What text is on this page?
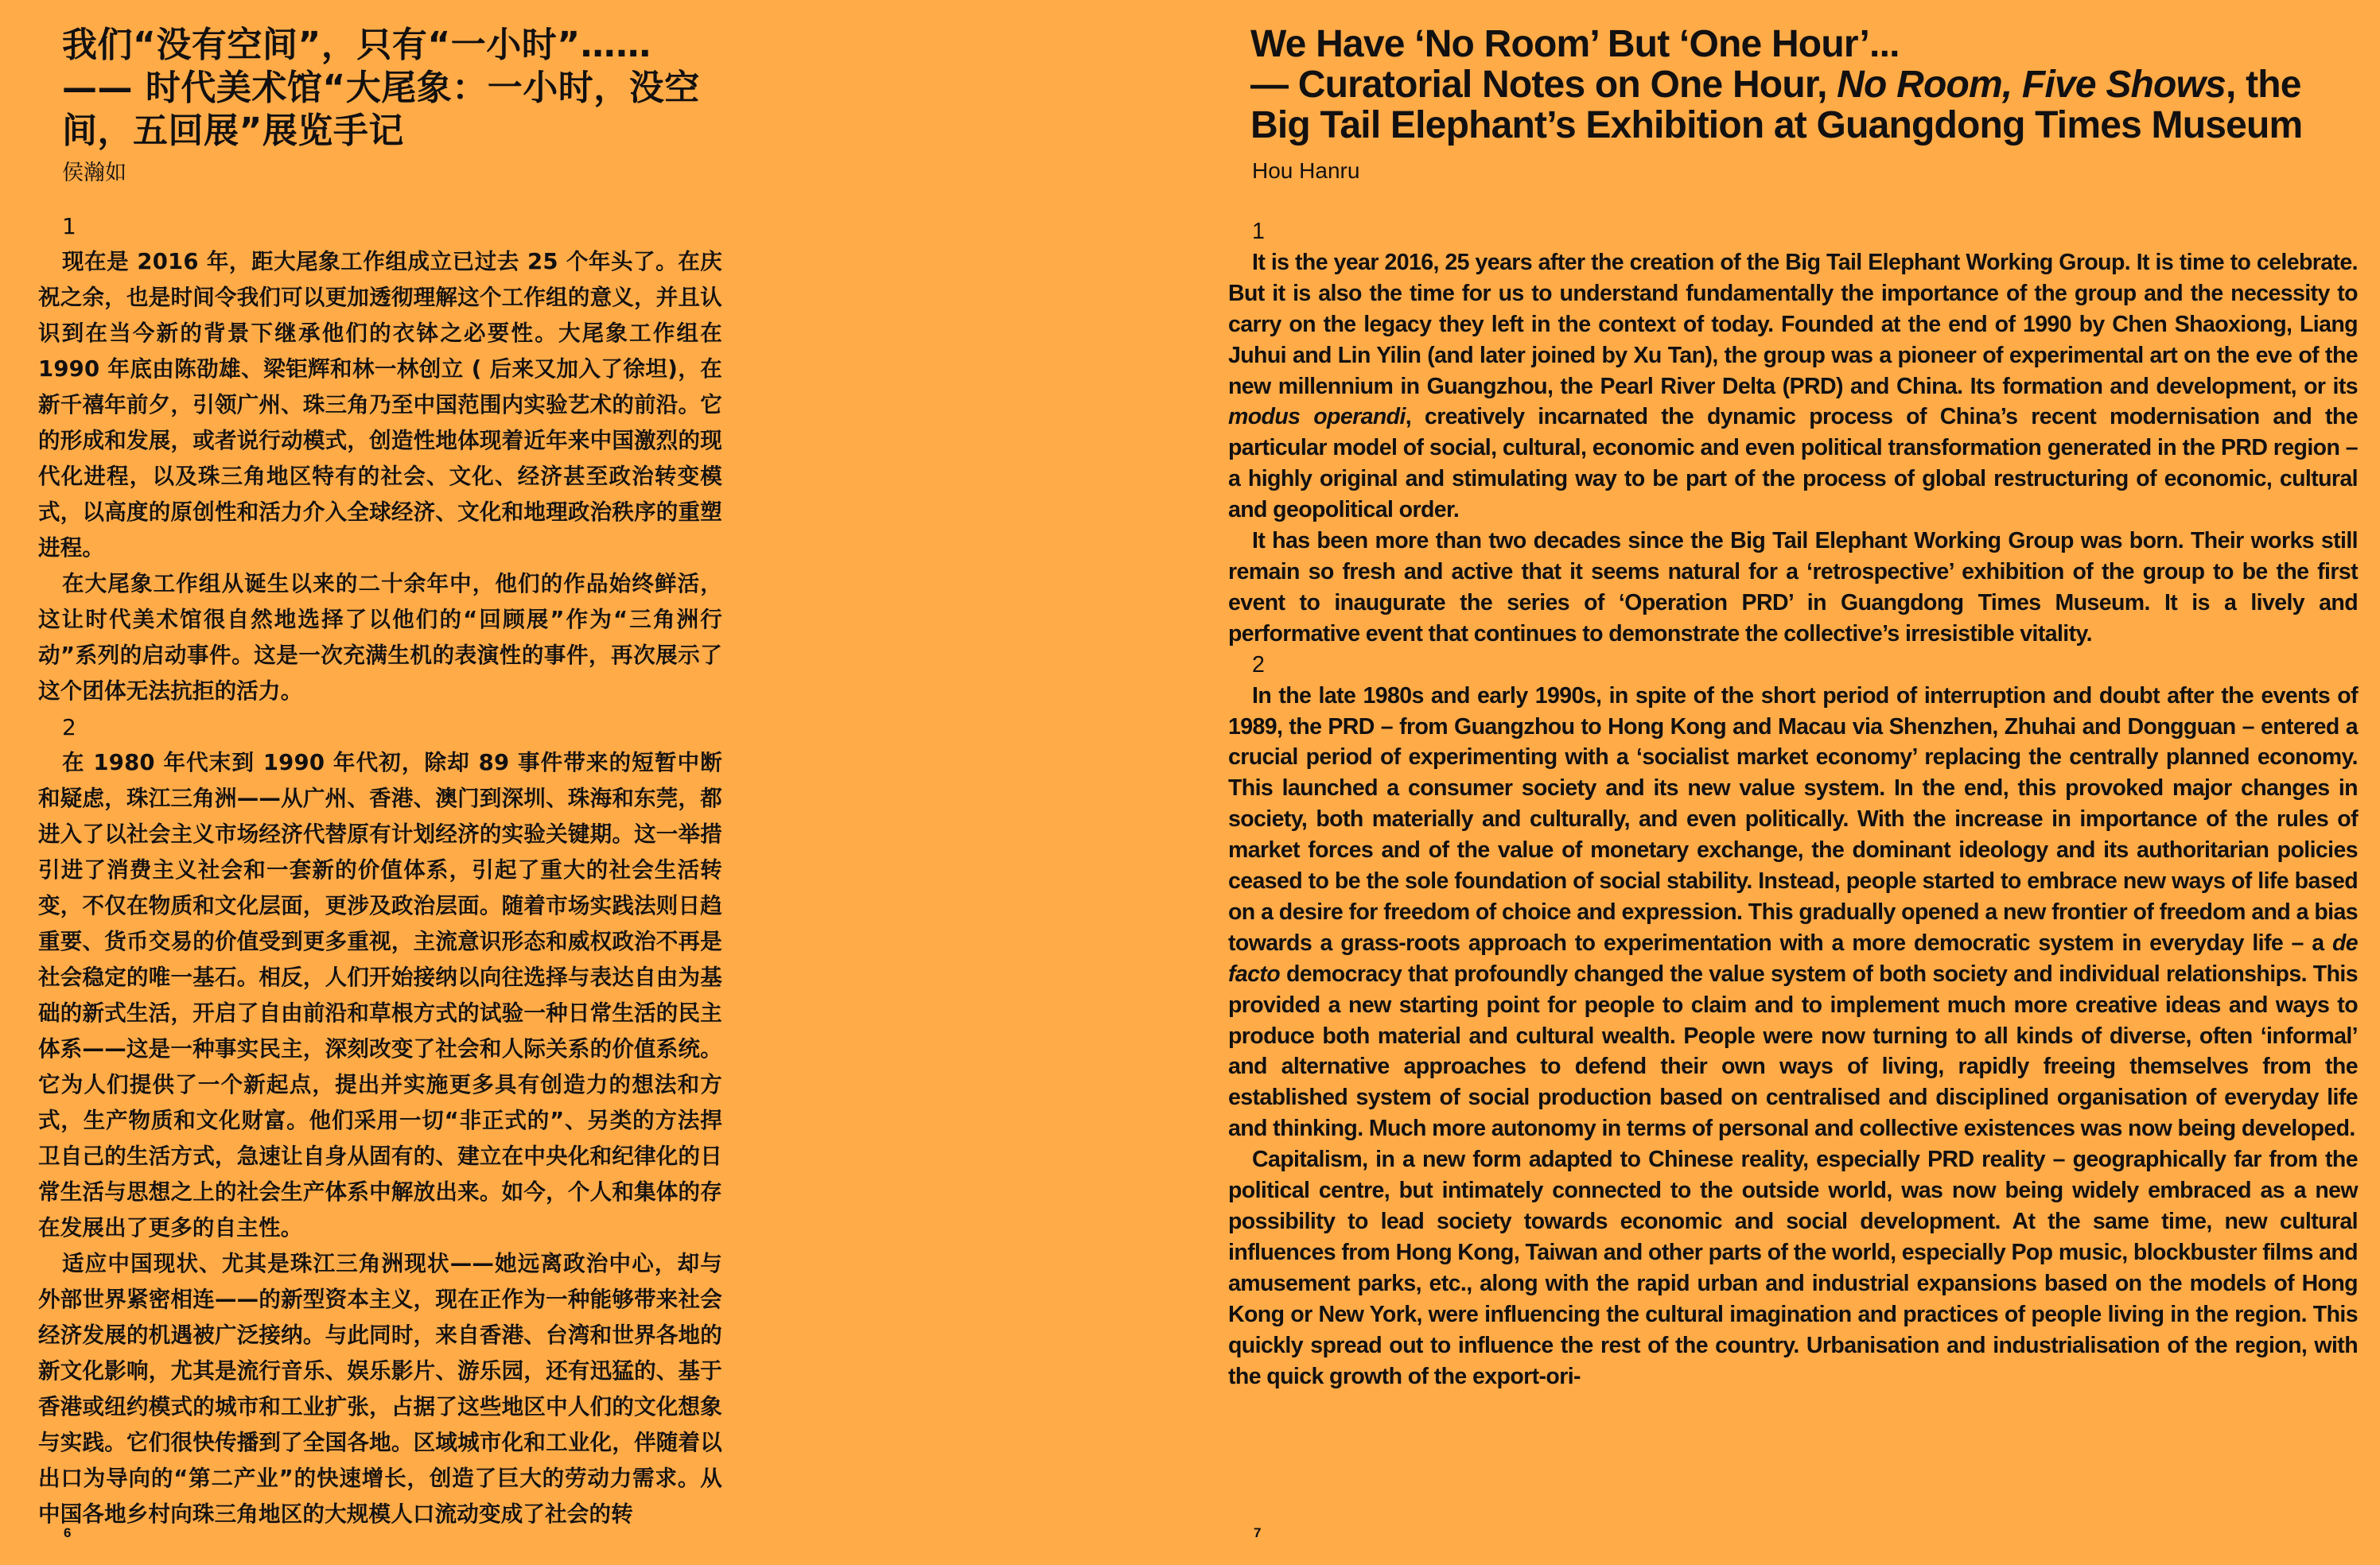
我们“没有空间”，只有“一小时”……
—— 时代美术馆“大尾象：一小时，没空
间，五回展”展览手记
侯瀚如
1

现在是 2016 年，距大尾象工作组成立已过去 25 个年头了。在庆祝之余，也是时间令我们可以更加透彻理解这个工作组的意义，并且认识到在当今新的背景下继承他们的衣钵之必要性。大尾象工作组在 1990 年底由陈劭雄、梁钜辉和林一林创立 ( 后来又加入了徐坦)，在新千禧年前夕，引领广州、珠三角乃至中国范围内实验艺术的前沿。它的形成和发展，或者说行动模式，创造性地体现着近年来中国激烈的现代化进程，以及珠三角地区特有的社会、文化、经济甚至政治转变模式，以高度的原创性和活力介入全球经济、文化和地理政治秩序的重塑进程。

在大尾象工作组从诞生以来的二十余年中，他们的作品始终鲜活，这让时代美术馆很自然地选择了以他们的“回顾展”作为“三角洲行动”系列的启动事件。这是一次充满生机的表演性的事件，再次展示了这个团体无法抗拒的活力。

2

在 1980 年代末到 1990 年代初，除却 89 事件带来的短暂中断和疑虑，珠江三角洲——从广州、香港、澳门到深圳、珠海和东莞，都进入了以社会主义市场经济代替原有计划经济的实验关键期。这一举措引进了消费主义社会和一套新的价值体系，引起了重大的社会生活转变，不仅在物质和文化层面，更涉及政治层面。随着市场实践法则日趋重要、货币交易的价值受到更多重视，主流意识形态和威权政治不再是社会稳定的唯一基石。相反，人们开始接纳以向往选择与表达自由为基础的新式生活，开启了自由前沿和草根方式的试验一种日常生活的民主体系——这是一种事实民主，深刻改变了社会和人际关系的价值系统。它为人们提供了一个新起点，提出并实施更多具有创造力的想法和方式，生产物质和文化财富。他们采用一切“非正式的”、另类的方法捍卫自己的生活方式，急速让自身从固有的、建立在中央化和纪律化的日常生活与思想之上的社会生产体系中解放出来。如今，个人和集体的存在发展出了更多的自主性。

适应中国现状、尤其是珠江三角洲现状——她远离政治中心，却与外部世界紧密相连——的新型资本主义，现在正作为一种能够带来社会经济发展的机遇被广泛接纳。与此同时，来自香港、台湾和世界各地的新文化影响，尤其是流行音乐、娱乐影片、游乐园，还有迅猛的、基于香港或纽约模式的城市和工业扩张，占据了这些地区中人们的文化想象与实践。它们很快传播到了全国各地。区域城市化和工业化，伴随着以出口为导向的“第二产业”的快速增长，创造了巨大的劳动力需求。从中国各地乡村向珠三角地区的大规模人口流动变成了社会的转

6
We Have ‘No Room’ But ‘One Hour’...
— Curatorial Notes on One Hour, No Room, Five Shows, the
Big Tail Elephant’s Exhibition at Guangdong Times Museum
Hou Hanru
1

It is the year 2016, 25 years after the creation of the Big Tail Elephant Working Group. It is time to celebrate. But it is also the time for us to understand fundamentally the importance of the group and the necessity to carry on the legacy they left in the context of today. Founded at the end of 1990 by Chen Shaoxiong, Liang Juhui and Lin Yilin (and later joined by Xu Tan), the group was a pioneer of experimental art on the eve of the new millennium in Guangzhou, the Pearl River Delta (PRD) and China. Its formation and development, or its modus operandi, creatively incarnated the dynamic process of China’s recent modernisation and the particular model of social, cultural, economic and even political transformation generated in the PRD region – a highly original and stimulating way to be part of the process of global restructuring of economic, cultural and geopolitical order.

It has been more than two decades since the Big Tail Elephant Working Group was born. Their works still remain so fresh and active that it seems natural for a ‘retrospective’ exhibition of the group to be the first event to inaugurate the series of ‘Operation PRD’ in Guangdong Times Museum. It is a lively and performative event that continues to demonstrate the collective’s irresistible vitality.

2

In the late 1980s and early 1990s, in spite of the short period of interruption and doubt after the events of 1989, the PRD – from Guangzhou to Hong Kong and Macau via Shenzhen, Zhuhai and Dongguan – entered a crucial period of experimenting with a ‘socialist market economy’ replacing the centrally planned economy. This launched a consumer society and its new value system. In the end, this provoked major changes in society, both materially and culturally, and even politically. With the increase in importance of the rules of market forces and of the value of monetary exchange, the dominant ideology and its authoritarian policies ceased to be the sole foundation of social stability. Instead, people started to embrace new ways of life based on a desire for freedom of choice and expression. This gradually opened a new frontier of freedom and a bias towards a grass-roots approach to experimentation with a more democratic system in everyday life – a de facto democracy that profoundly changed the value system of both society and individual relationships. This provided a new starting point for people to claim and to implement much more creative ideas and ways to produce both material and cultural wealth. People were now turning to all kinds of diverse, often ‘informal’ and alternative approaches to defend their own ways of living, rapidly freeing themselves from the established system of social production based on centralised and disciplined organisation of everyday life and thinking. Much more autonomy in terms of personal and collective existences was now being developed.

Capitalism, in a new form adapted to Chinese reality, especially PRD reality – geographically far from the political centre, but intimately connected to the outside world, was now being widely embraced as a new possibility to lead society towards economic and social development. At the same time, new cultural influences from Hong Kong, Taiwan and other parts of the world, especially Pop music, blockbuster films and amusement parks, etc., along with the rapid urban and industrial expansions based on the models of Hong Kong or New York, were influencing the cultural imagination and practices of people living in the region. This quickly spread out to influence the rest of the country. Urbanisation and industrialisation of the region, with the quick growth of the export-ori-

7
